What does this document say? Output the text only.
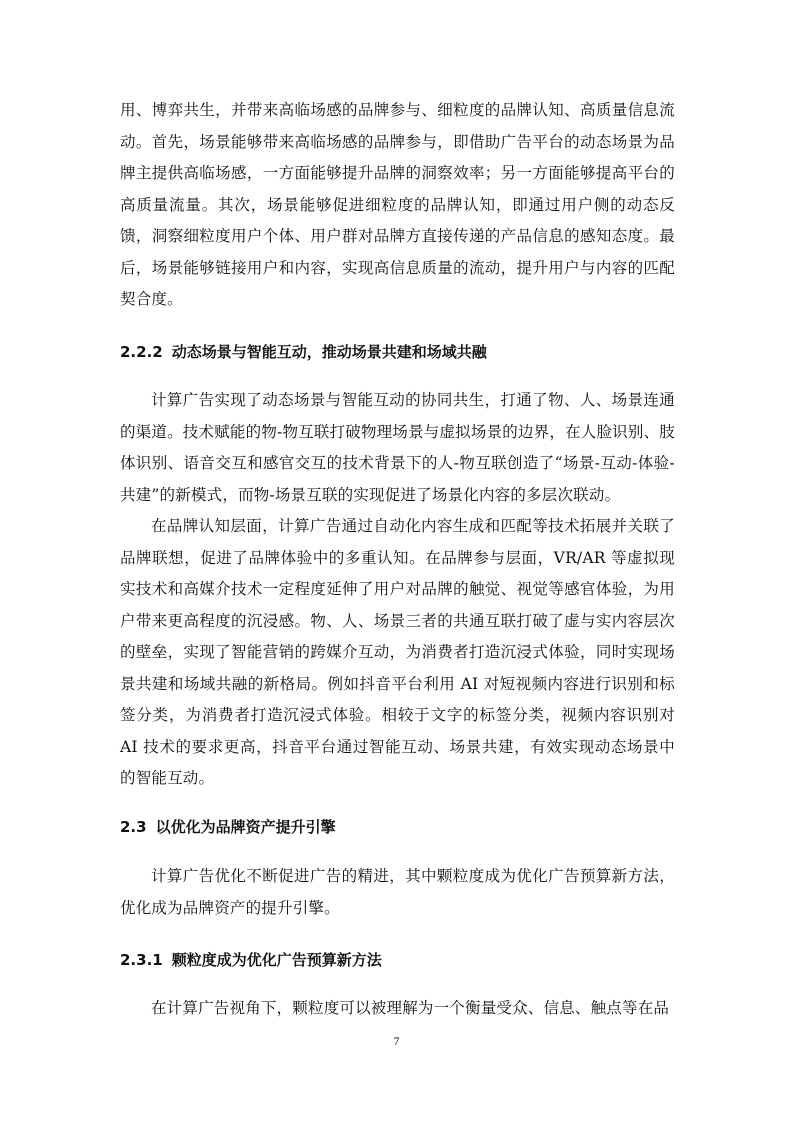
用、博弈共生，并带来高临场感的品牌参与、细粒度的品牌认知、高质量信息流动。首先，场景能够带来高临场感的品牌参与，即借助广告平台的动态场景为品牌主提供高临场感，一方面能够提升品牌的洞察效率；另一方面能够提高平台的高质量流量。其次，场景能够促进细粒度的品牌认知，即通过用户侧的动态反馈，洞察细粒度用户个体、用户群对品牌方直接传递的产品信息的感知态度。最后，场景能够链接用户和内容，实现高信息质量的流动，提升用户与内容的匹配契合度。

2.2.2 动态场景与智能互动，推动场景共建和场域共融

计算广告实现了动态场景与智能互动的协同共生，打通了物、人、场景连通的渠道。技术赋能的物-物互联打破物理场景与虚拟场景的边界，在人脸识别、肢体识别、语音交互和感官交互的技术背景下的人-物互联创造了“场景-互动-体验-共建”的新模式，而物-场景互联的实现促进了场景化内容的多层次联动。

在品牌认知层面，计算广告通过自动化内容生成和匹配等技术拓展并关联了品牌联想，促进了品牌体验中的多重认知。在品牌参与层面，VR/AR 等虚拟现实技术和高媒介技术一定程度延伸了用户对品牌的触觉、视觉等感官体验，为用户带来更高程度的沉浸感。物、人、场景三者的共通互联打破了虚与实内容层次的壁垒，实现了智能营销的跨媒介互动，为消费者打造沉浸式体验，同时实现场景共建和场域共融的新格局。例如抖音平台利用 AI 对短视频内容进行识别和标签分类，为消费者打造沉浸式体验。相较于文字的标签分类，视频内容识别对 AI 技术的要求更高，抖音平台通过智能互动、场景共建，有效实现动态场景中的智能互动。

2.3 以优化为品牌资产提升引擎

计算广告优化不断促进广告的精进，其中颗粒度成为优化广告预算新方法，优化成为品牌资产的提升引擎。

2.3.1 颗粒度成为优化广告预算新方法

在计算广告视角下，颗粒度可以被理解为一个衡量受众、信息、触点等在品

7
